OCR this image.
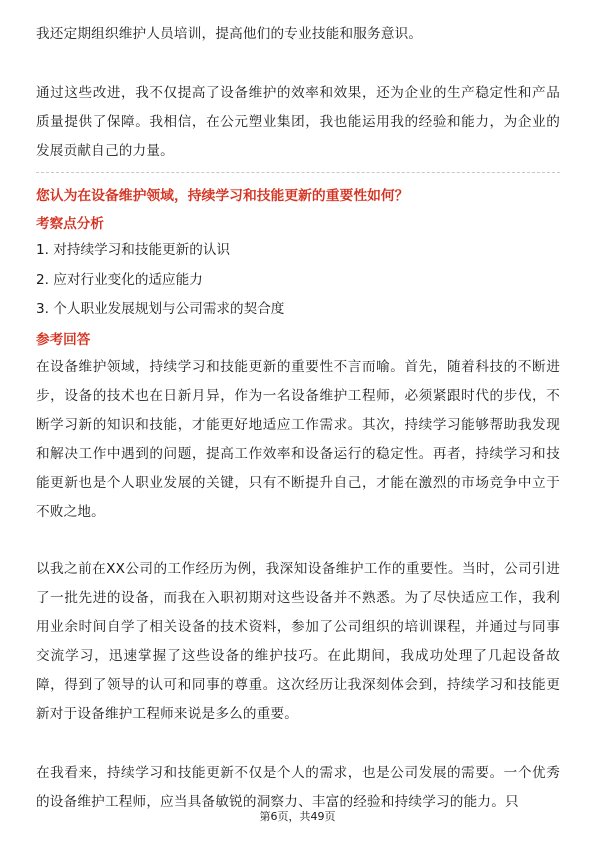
我还定期组织维护人员培训，提高他们的专业技能和服务意识。

通过这些改进，我不仅提高了设备维护的效率和效果，还为企业的生产稳定性和产品质量提供了保障。我相信，在公元塑业集团，我也能运用我的经验和能力，为企业的发展贡献自己的力量。

您认为在设备维护领域，持续学习和技能更新的重要性如何？

考察点分析

1. 对持续学习和技能更新的认识

2. 应对行业变化的适应能力

3. 个人职业发展规划与公司需求的契合度

参考回答

在设备维护领域，持续学习和技能更新的重要性不言而喻。首先，随着科技的不断进步，设备的技术也在日新月异，作为一名设备维护工程师，必须紧跟时代的步伐，不断学习新的知识和技能，才能更好地适应工作需求。其次，持续学习能够帮助我发现和解决工作中遇到的问题，提高工作效率和设备运行的稳定性。再者，持续学习和技能更新也是个人职业发展的关键，只有不断提升自己，才能在激烈的市场竞争中立于不败之地。

以我之前在XX公司的工作经历为例，我深知设备维护工作的重要性。当时，公司引进了一批先进的设备，而我在入职初期对这些设备并不熟悉。为了尽快适应工作，我利用业余时间自学了相关设备的技术资料，参加了公司组织的培训课程，并通过与同事交流学习，迅速掌握了这些设备的维护技巧。在此期间，我成功处理了几起设备故障，得到了领导的认可和同事的尊重。这次经历让我深刻体会到，持续学习和技能更新对于设备维护工程师来说是多么的重要。

在我看来，持续学习和技能更新不仅是个人的需求，也是公司发展的需要。一个优秀的设备维护工程师，应当具备敏锐的洞察力、丰富的经验和持续学习的能力。只

第6页，共49页
